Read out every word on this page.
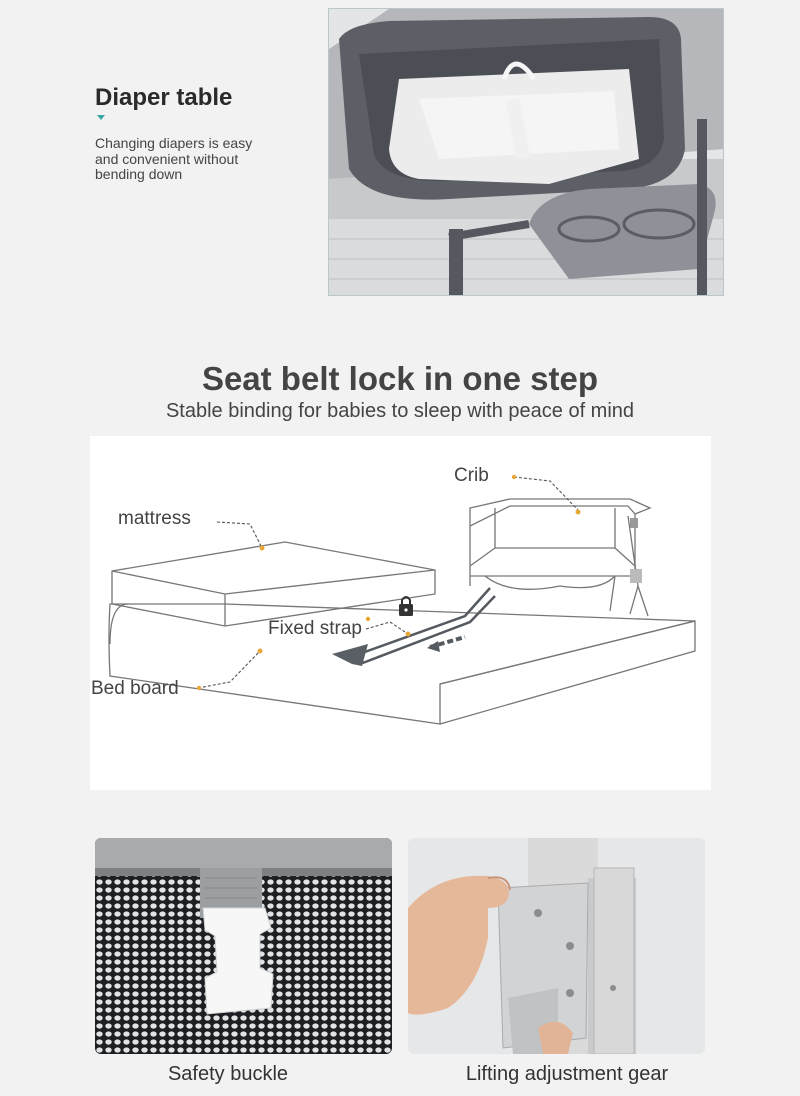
Diaper table
Changing diapers is easy and convenient without bending down
Seat belt lock in one step
Stable binding for babies to sleep with peace of mind
Crib
mattress
Fixed strap
Bed board
Safety buckle	Lifting adjustment gear
